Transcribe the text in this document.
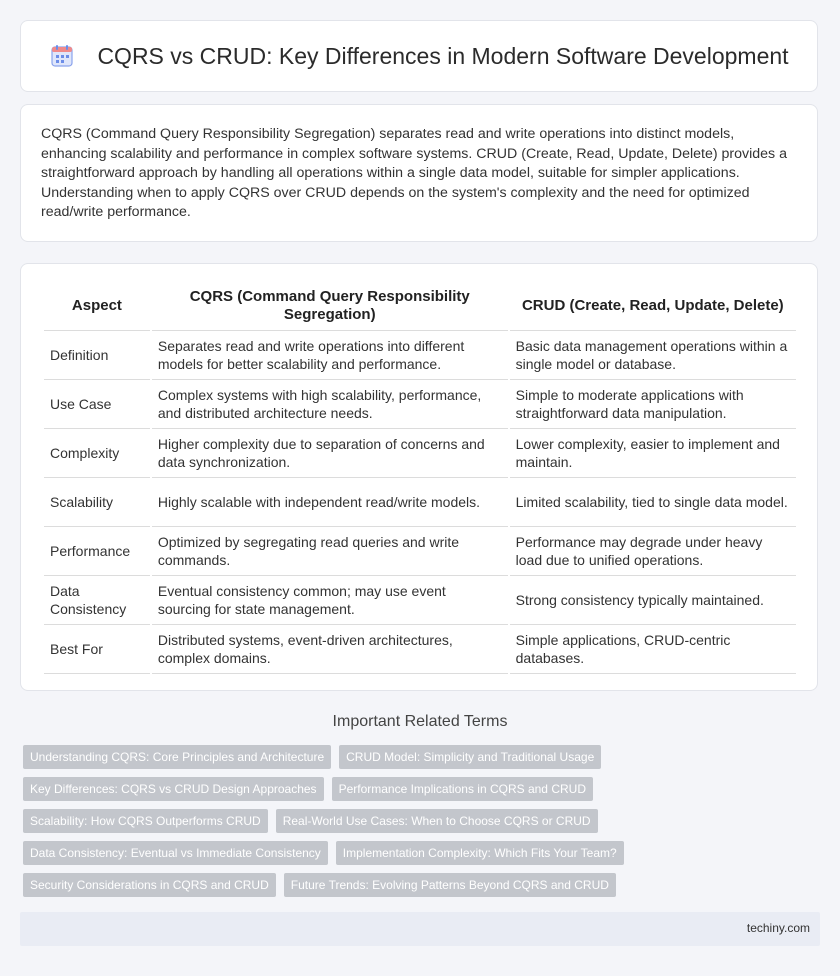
CQRS vs CRUD: Key Differences in Modern Software Development
CQRS (Command Query Responsibility Segregation) separates read and write operations into distinct models, enhancing scalability and performance in complex software systems. CRUD (Create, Read, Update, Delete) provides a straightforward approach by handling all operations within a single data model, suitable for simpler applications. Understanding when to apply CQRS over CRUD depends on the system's complexity and the need for optimized read/write performance.
Aspect	CQRS (Command Query Responsibility Segregation)	CRUD (Create, Read, Update, Delete)
Definition	Separates read and write operations into different models for better scalability and performance.	Basic data management operations within a single model or database.
Use Case	Complex systems with high scalability, performance, and distributed architecture needs.	Simple to moderate applications with straightforward data manipulation.
Complexity	Higher complexity due to separation of concerns and data synchronization.	Lower complexity, easier to implement and maintain.
Scalability	Highly scalable with independent read/write models.	Limited scalability, tied to single data model.
Performance	Optimized by segregating read queries and write commands.	Performance may degrade under heavy load due to unified operations.
Data Consistency	Eventual consistency common; may use event sourcing for state management.	Strong consistency typically maintained.
Best For	Distributed systems, event-driven architectures, complex domains.	Simple applications, CRUD-centric databases.
Important Related Terms
Understanding CQRS: Core Principles and Architecture	CRUD Model: Simplicity and Traditional Usage
Key Differences: CQRS vs CRUD Design Approaches	Performance Implications in CQRS and CRUD
Scalability: How CQRS Outperforms CRUD	Real-World Use Cases: When to Choose CQRS or CRUD
Data Consistency: Eventual vs Immediate Consistency	Implementation Complexity: Which Fits Your Team?
Security Considerations in CQRS and CRUD	Future Trends: Evolving Patterns Beyond CQRS and CRUD
techiny.com
